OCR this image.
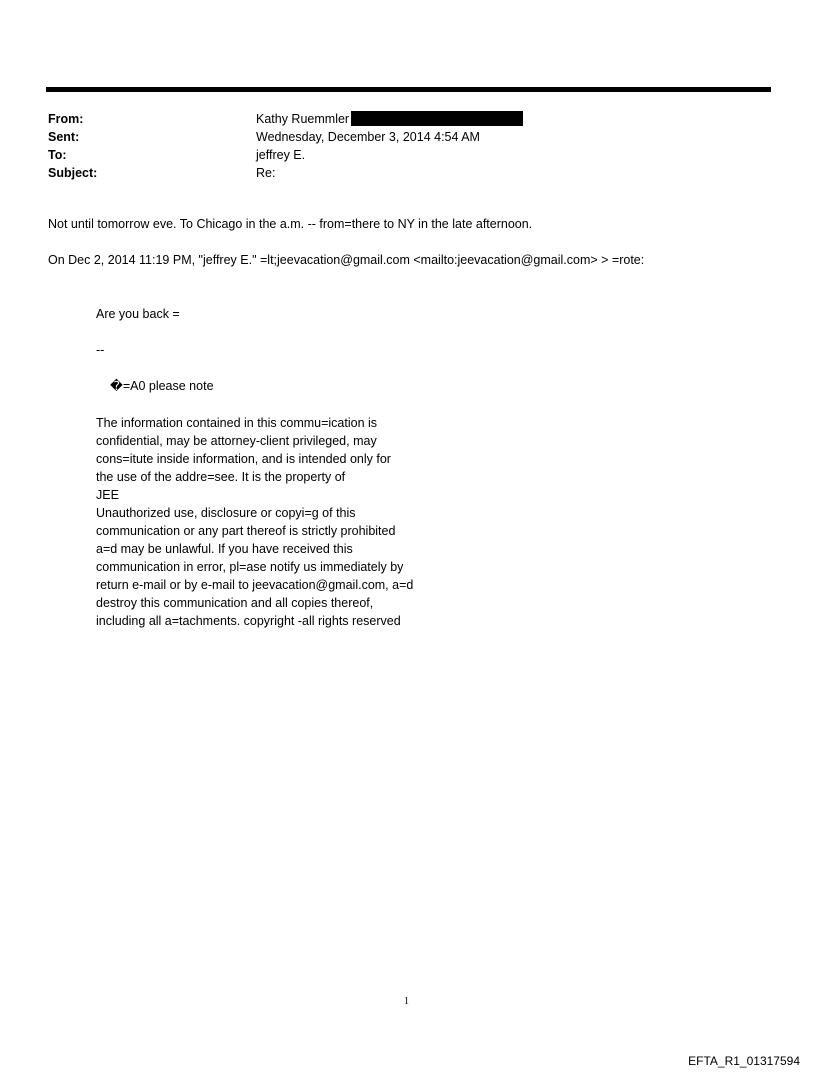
From:	Kathy Ruemmler
Sent:	Wednesday, December 3, 2014 4:54 AM
To:	jeffrey E.
Subject:	Re:
Not until tomorrow eve. To Chicago in the a.m. -- from=there to NY in the late afternoon.
On Dec 2, 2014 11:19 PM, "jeffrey E." =lt;jeevacation@gmail.com <mailto:jeevacation@gmail.com> > =rote:
Are you back =
--
�=A0 please note
The information contained in this commu=ication is
confidential, may be attorney-client privileged, may
cons=itute inside information, and is intended only for
the use of the addre=see. It is the property of
JEE
Unauthorized use, disclosure or copyi=g of this
communication or any part thereof is strictly prohibited
a=d may be unlawful. If you have received this
communication in error, pl=ase notify us immediately by
return e-mail or by e-mail to jeevacation@gmail.com, a=d
destroy this communication and all copies thereof,
including all a=tachments. copyright -all rights reserved
1
EFTA_R1_01317594
